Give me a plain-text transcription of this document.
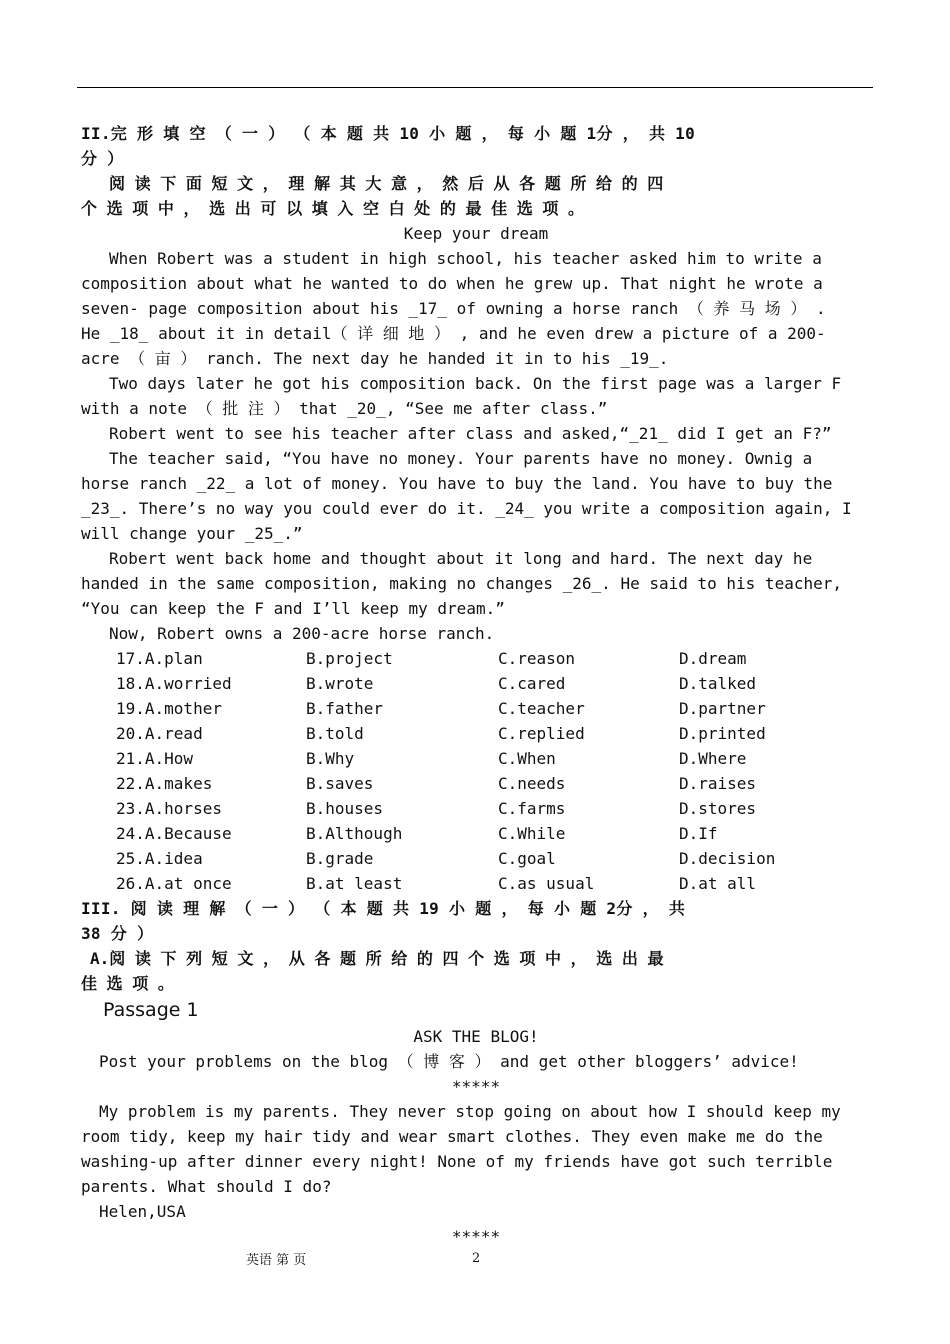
II.完 形 填 空 （ 一 ） （ 本 题 共 10 小 题 ， 每 小 题 1分 ， 共 10

分 ）

阅 读 下 面 短 文 ， 理 解 其 大 意 ， 然 后 从 各 题 所 给 的 四

个 选 项 中 ， 选 出 可 以 填 入 空 白 处 的 最 佳 选 项 。

Keep your dream

When Robert was a student in high school, his teacher asked him to write a

composition about what he wanted to do when he grew up. That night he wrote a

seven- page composition about his _17_ of owning a horse ranch （ 养 马 场 ） .

He _18_ about it in detail（ 详 细 地 ） , and he even drew a picture of a 200-

acre （ 亩 ） ranch. The next day he handed it in to his _19_.

Two days later he got his composition back. On the first page was a larger F

with a note （ 批 注 ） that _20_, “See me after class.”

Robert went to see his teacher after class and asked,“_21_ did I get an F?”

The teacher said, “You have no money. Your parents have no money. Ownig a

horse ranch _22_ a lot of money. You have to buy the land. You have to buy the

_23_. There’s no way you could ever do it. _24_ you write a composition again, I

will change your _25_.”

Robert went back home and thought about it long and hard. The next day he

handed in the same composition, making no changes _26_. He said to his teacher,

“You can keep the F and I’ll keep my dream.”

Now, Robert owns a 200-acre horse ranch.

17.A.plan	B.project	C.reason	D.dream
18.A.worried	B.wrote	C.cared	D.talked
19.A.mother	B.father	C.teacher	D.partner
20.A.read	B.told	C.replied	D.printed
21.A.How	B.Why	C.When	D.Where
22.A.makes	B.saves	C.needs	D.raises
23.A.horses	B.houses	C.farms	D.stores
24.A.Because	B.Although	C.While	D.If
25.A.idea	B.grade	C.goal	D.decision
26.A.at once	B.at least	C.as usual	D.at all

III. 阅 读 理 解 （ 一 ） （ 本 题 共 19 小 题 ， 每 小 题 2分 ， 共

38 分 ）

A.阅 读 下 列 短 文 ， 从 各 题 所 给 的 四 个 选 项 中 ， 选 出 最

佳 选 项 。

Passage 1

ASK THE BLOG!

Post your problems on the blog （ 博 客 ） and get other bloggers’ advice!

*****

My problem is my parents. They never stop going on about how I should keep my

room tidy, keep my hair tidy and wear smart clothes. They even make me do the

washing-up after dinner every night! None of my friends have got such terrible

parents. What should I do?

Helen,USA

*****

英语 第 页	2
